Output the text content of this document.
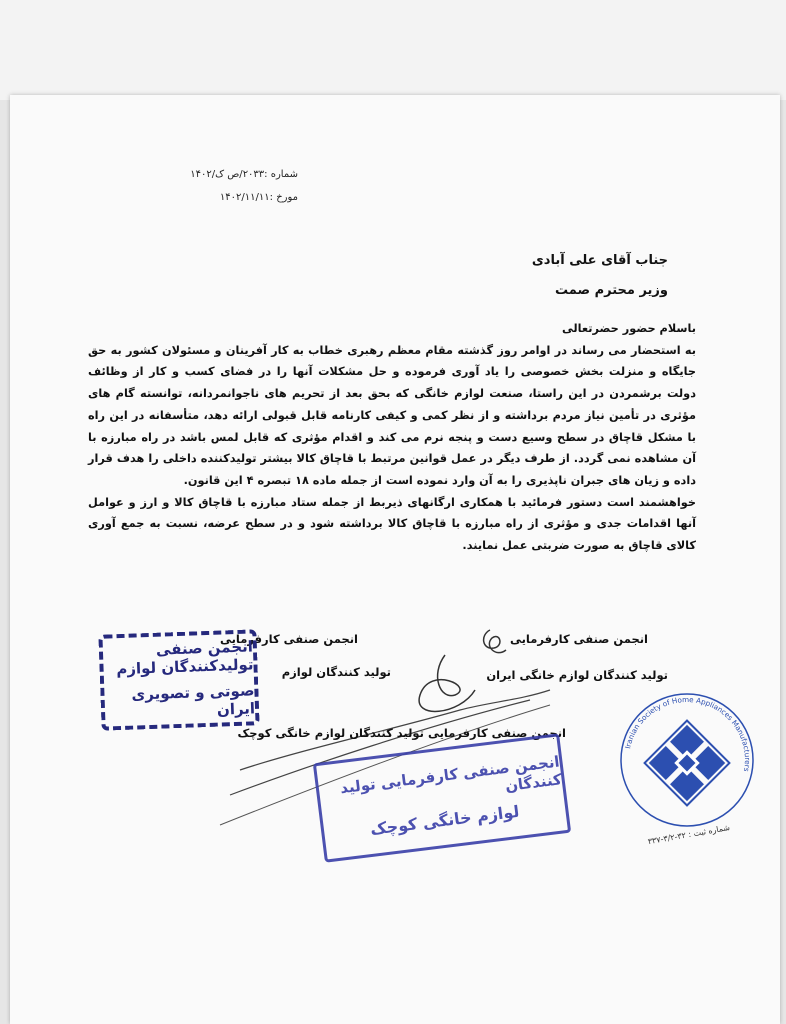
شماره :۲۰۳۳/ص ک/۱۴۰۲
مورخ :۱۴۰۲/۱۱/۱۱
جناب آقای علی آبادی
وزیر محترم صمت

باسلام حضور حضرتعالی

به استحضار می رساند در اوامر روز گذشته مقام معظم رهبری خطاب به کار آفرینان و مسئولان کشور به حق جایگاه و منزلت بخش خصوصی را یاد آوری فرموده و حل مشکلات آنها را در فضای کسب و کار از وظائف دولت برشمردن در این راستا، صنعت لوازم خانگی که بحق بعد از تحریم های ناجوانمردانه، توانسته گام های مؤثری در تأمین نیاز مردم برداشته و از نظر کمی و کیفی کارنامه قابل قبولی ارائه دهد، متأسفانه در این راه با مشکل قاچاق در سطح وسیع دست و پنجه نرم می کند و اقدام مؤثری که قابل لمس باشد در راه مبارزه با آن مشاهده نمی گردد. از طرف دیگر در عمل قوانین مرتبط با قاچاق کالا بیشتر تولیدکننده داخلی را هدف قرار داده و زیان های جبران ناپذیری را به آن وارد نموده است از جمله ماده ۱۸ تبصره ۴ این قانون.

خواهشمند است دستور فرمائید با همکاری ارگانهای ذیربط از جمله ستاد مبارزه با قاچاق کالا و ارز و عوامل آنها اقدامات جدی و مؤثری از راه مبارزه با قاچاق کالا برداشته شود و در سطح عرضه، نسبت به جمع آوری کالای قاچاق به صورت ضربتی عمل نمایند.

انجمن صنفی کارفرمایی
تولید کنندگان لوازم خانگی ایران
انجمن صنفی کارفرمایی
تولید کنندگان لوازم
انجمن صنفی کارفرمایی تولید کنندگان لوازم خانگی کوچک
انجمن صنفی تولیدکنندگان لوازم
صوتی و تصویری ایران
انجمن صنفی کارفرمایی تولید کنندگان
لوازم خانگی کوچک
Iranian Society of Home Appliances Manufacturers
شماره ثبت : ۳۲-۳/۲-۳۳۷
